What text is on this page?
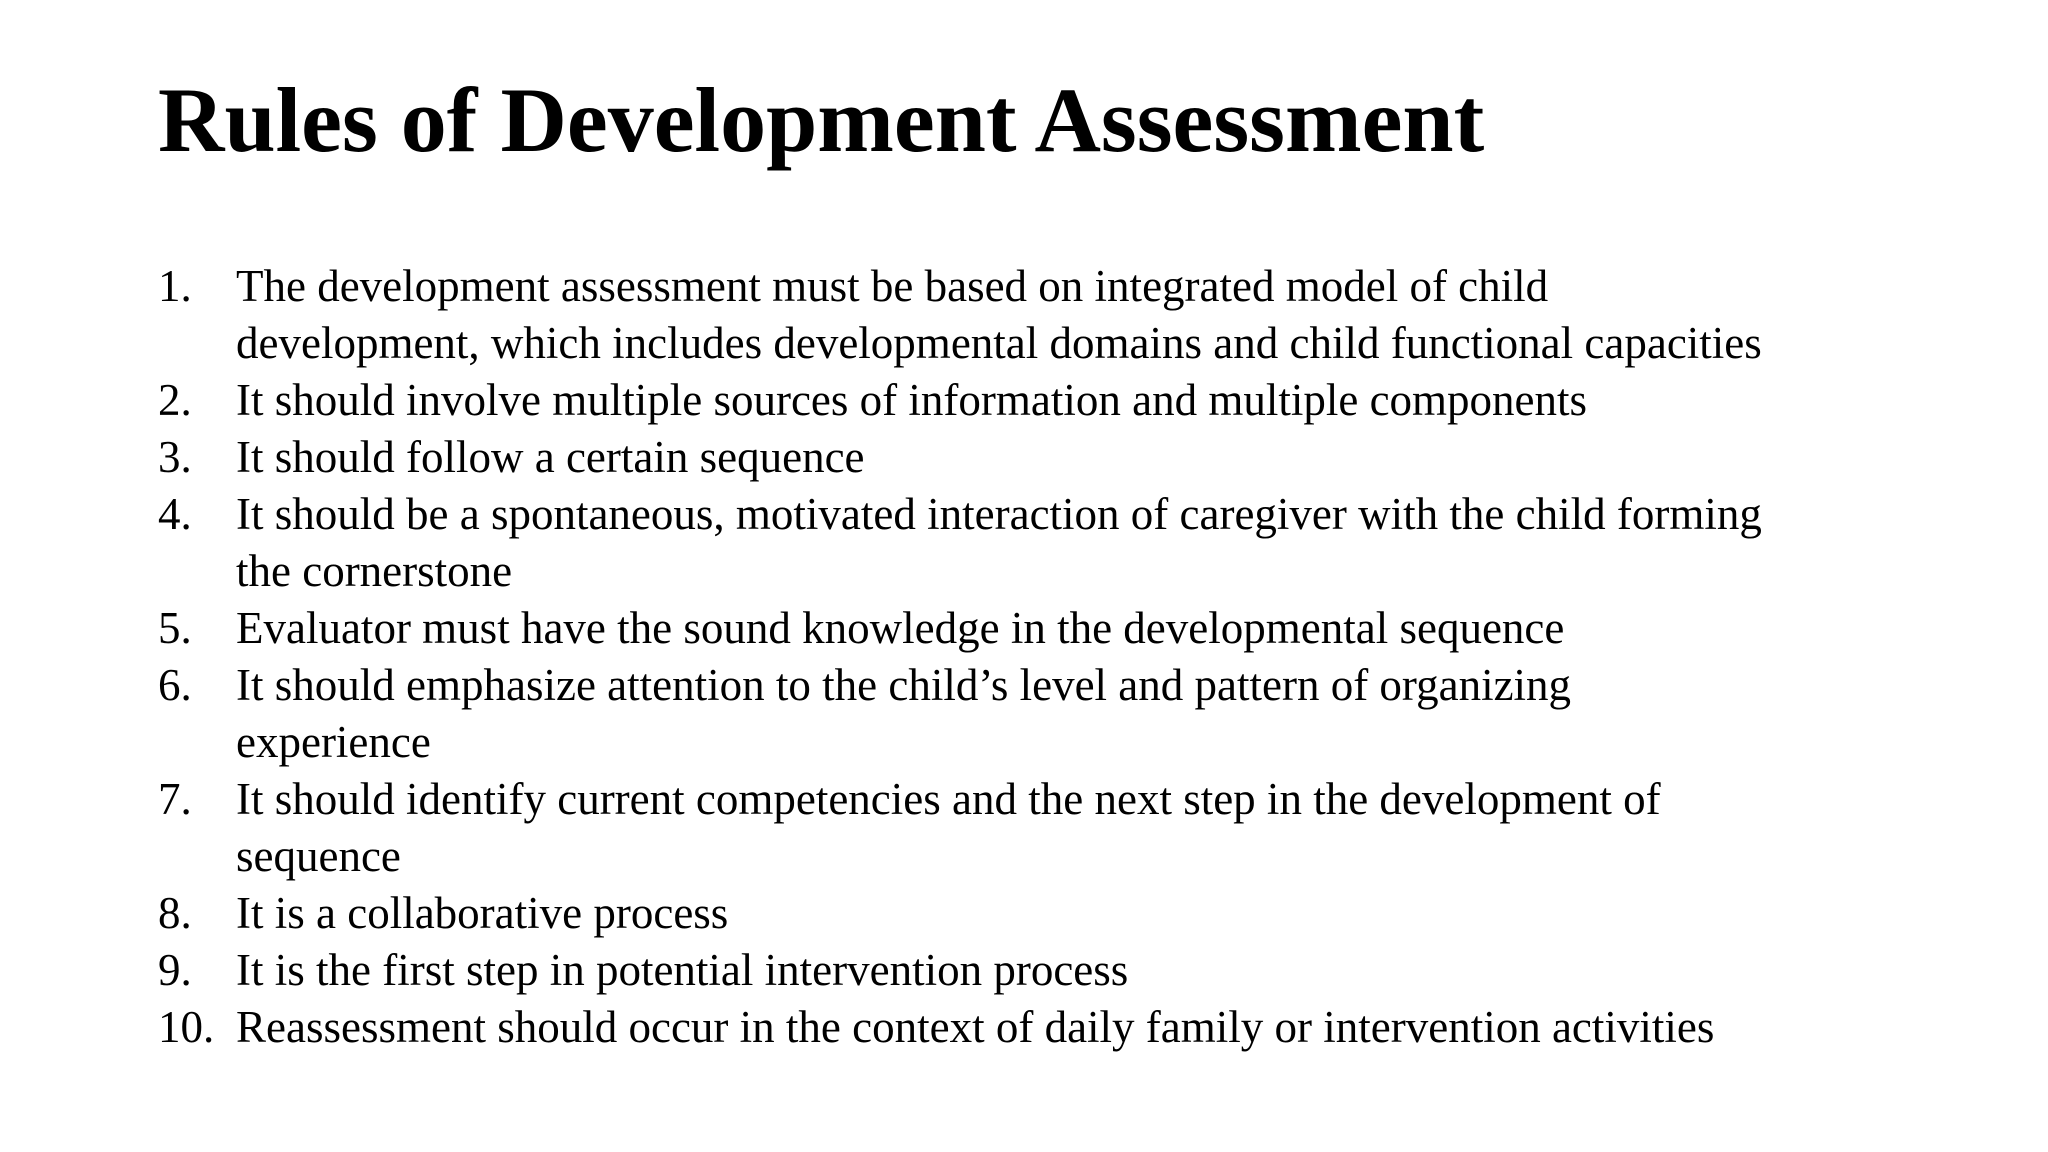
Rules of Development Assessment
1. The development assessment must be based on integrated model of child
development, which includes developmental domains and child functional capacities
2. It should involve multiple sources of information and multiple components
3. It should follow a certain sequence
4. It should be a spontaneous, motivated interaction of caregiver with the child forming
the cornerstone
5. Evaluator must have the sound knowledge in the developmental sequence
6. It should emphasize attention to the child’s level and pattern of organizing
experience
7. It should identify current competencies and the next step in the development of
sequence
8. It is a collaborative process
9. It is the first step in potential intervention process
10. Reassessment should occur in the context of daily family or intervention activities
